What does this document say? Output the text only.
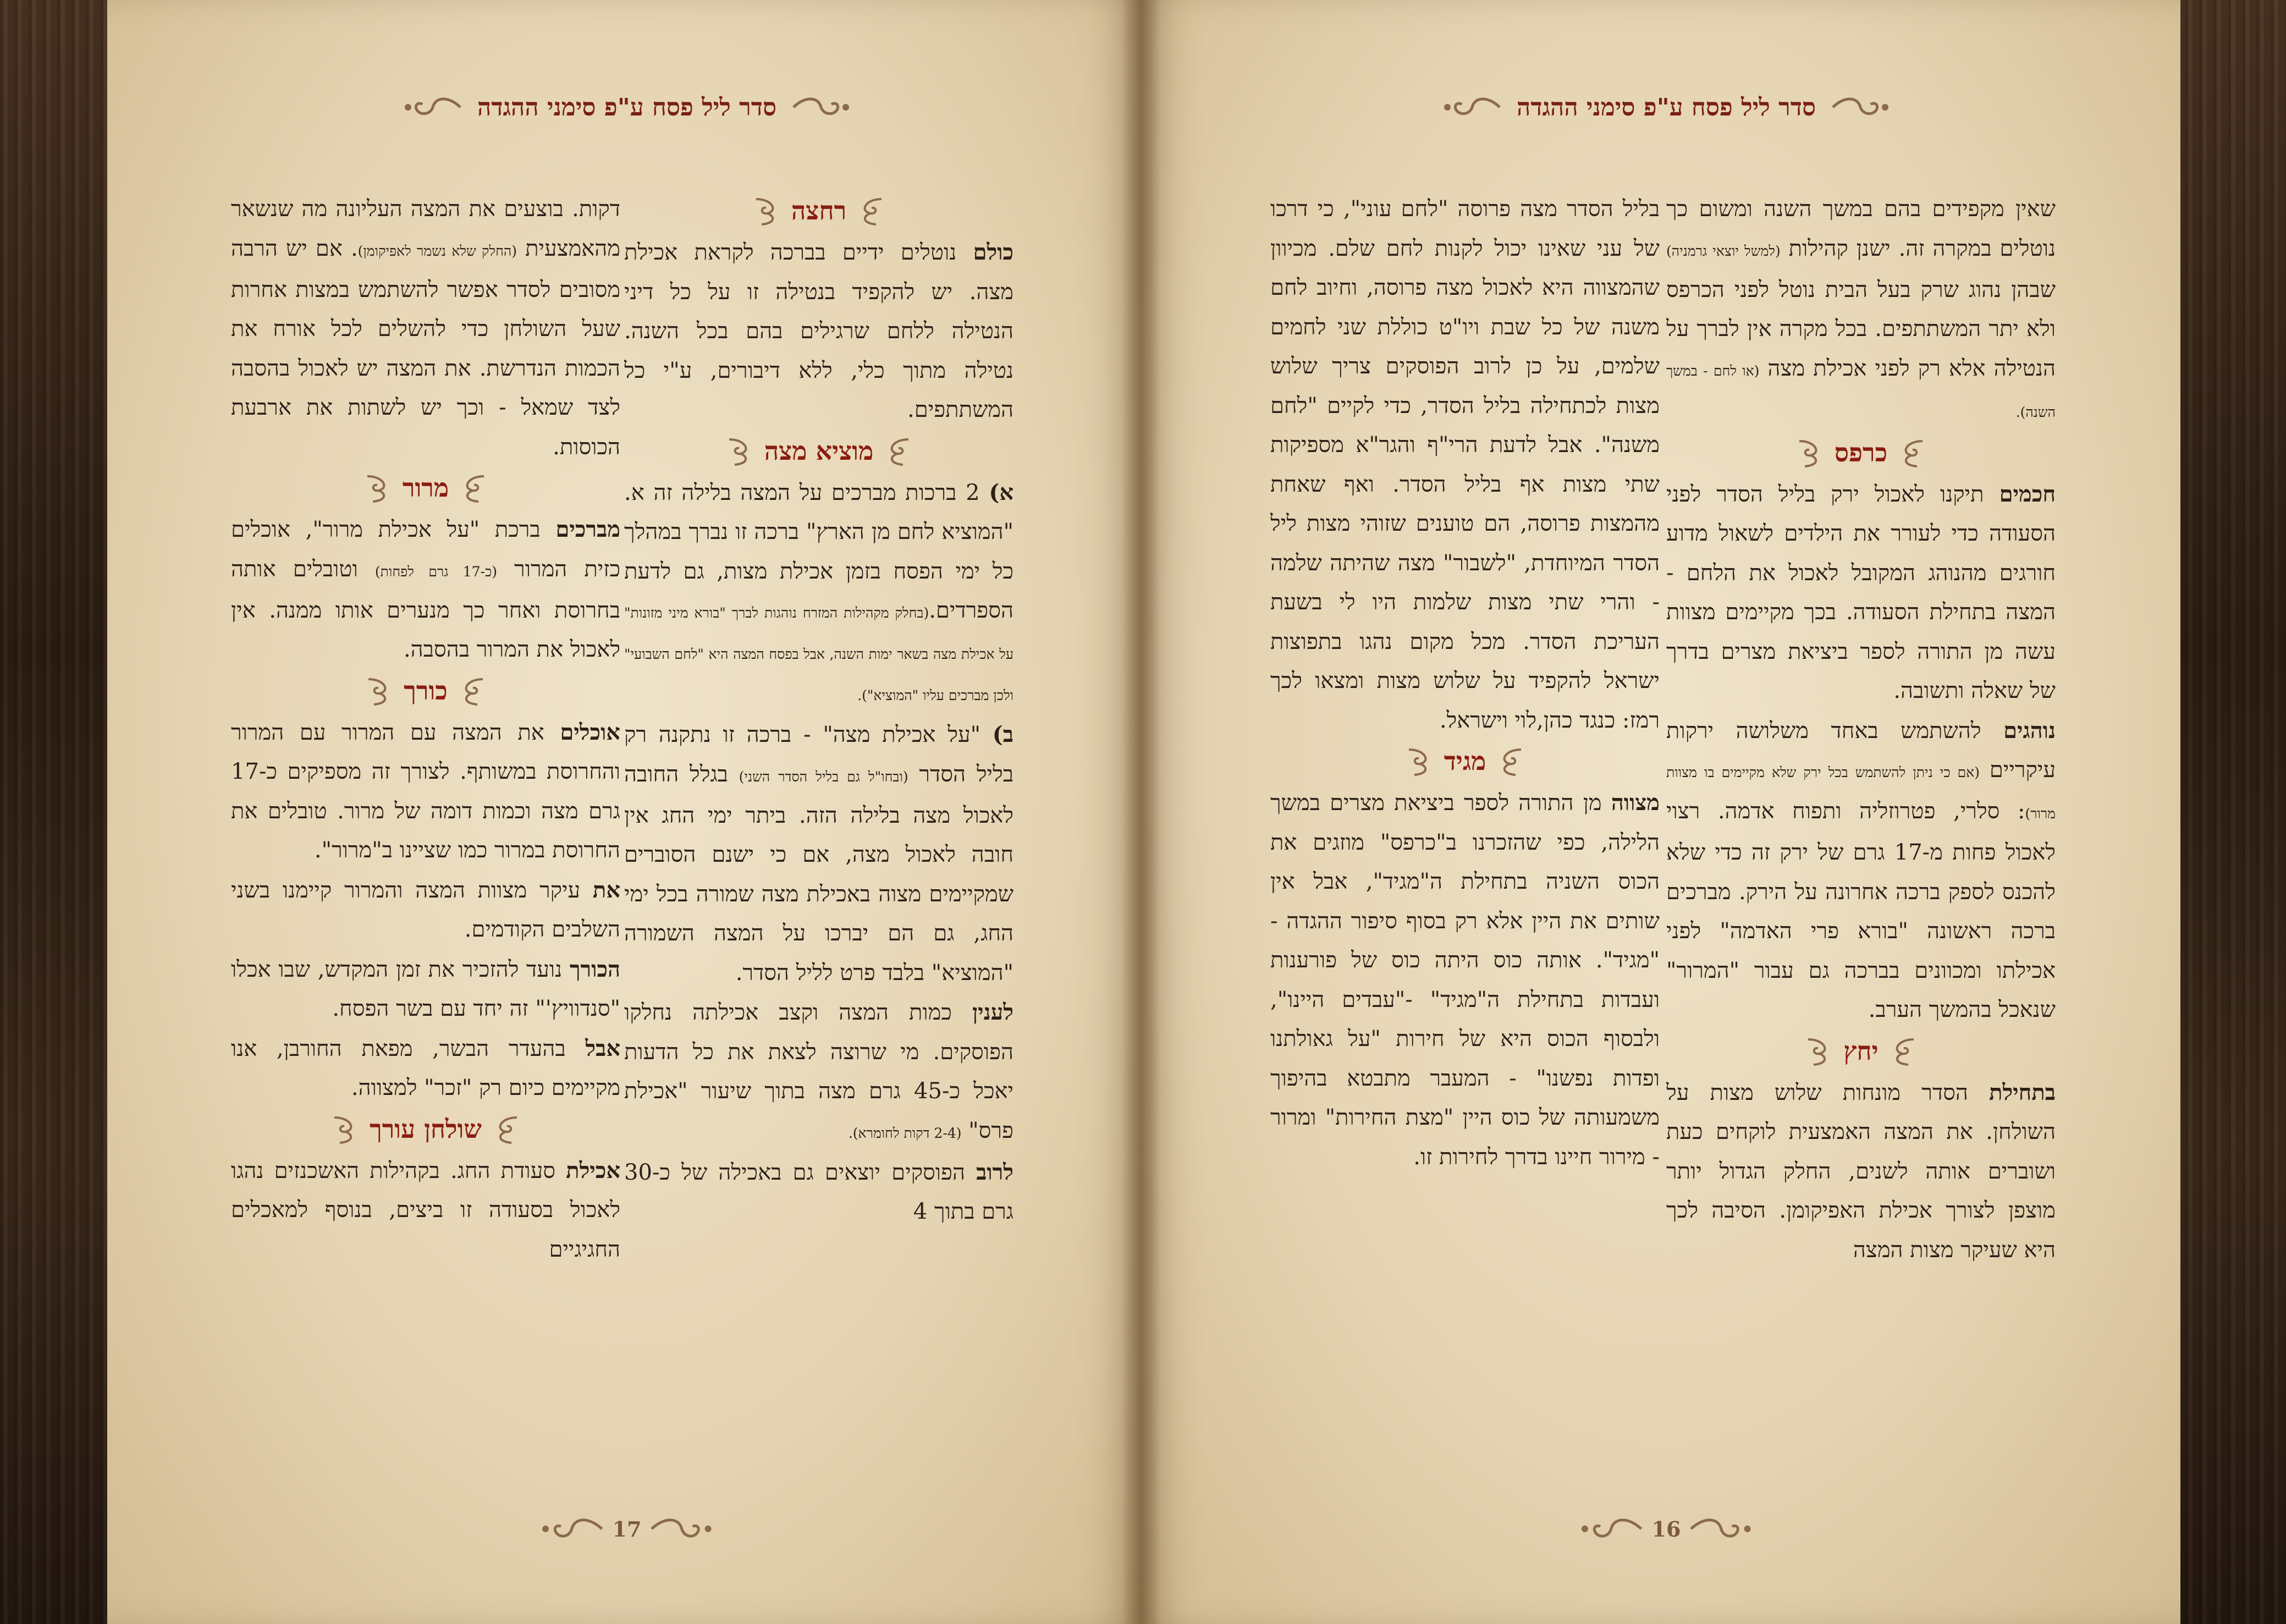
סדר ליל פסח ע"פ סימני ההגדה	סדר ליל פסח ע"פ סימני ההגדה
רחצה

כולם נוטלים ידיים בברכה לקראת אכילת מצה. יש להקפיד בנטילה זו על כל דיני הנטילה ללחם שרגילים בהם בכל השנה. נטילה מתוך כלי, ללא דיבורים, ע"י כל המשתתפים.

מוציא מצה

א) 2 ברכות מברכים על המצה בלילה זה א. "המוציא לחם מן הארץ" ברכה זו נברך במהלך כל ימי הפסח בזמן אכילת מצות, גם לדעת הספרדים.(בחלק מקהילות המזרח נוהגות לברך "בורא מיני מזונות" על אכילת מצה בשאר ימות השנה, אבל בפסח המצה היא "לחם השבועי" ולכן מברכים עליו "המוציא").

ב) "על אכילת מצה" - ברכה זו נתקנה רק בליל הסדר (ובחו"ל גם בליל הסדר השני) בגלל החובה לאכול מצה בלילה הזה. ביתר ימי החג אין חובה לאכול מצה, אם כי ישנם הסוברים שמקיימים מצוה באכילת מצה שמורה בכל ימי החג, גם הם יברכו על המצה השמורה "המוציא" בלבד פרט לליל הסדר.

לענין כמות המצה וקצב אכילתה נחלקו הפוסקים. מי שרוצה לצאת את כל הדעות יאכל כ-45 גרם מצה בתוך שיעור "אכילת פרס" (2-4 דקות לחומרא).

לרוב הפוסקים יוצאים גם באכילה של כ-30 גרם בתוך 4

דקות. בוצעים את המצה העליונה מה שנשאר מהאמצעית (החלק שלא נשמר לאפיקומן). אם יש הרבה מסובים לסדר אפשר להשתמש במצות אחרות שעל השולחן כדי להשלים לכל אורח את הכמות הנדרשת. את המצה יש לאכול בהסבה לצד שמאל - וכך יש לשתות את ארבעת הכוסות.

מרור

מברכים ברכת "על אכילת מרור", אוכלים כזית המרור (כ-17 גרם לפחות) וטובלים אותה בחרוסת ואחר כך מנערים אותו ממנה. אין לאכול את המרור בהסבה.

כורך

אוכלים את המצה עם המרור עם המרור והחרוסת במשותף. לצורך זה מספיקים כ-17 גרם מצה וכמות דומה של מרור. טובלים את החרוסת במרור כמו שציינו ב"מרור".

את עיקר מצוות המצה והמרור קיימנו בשני השלבים הקודמים.

הכורך נועד להזכיר את זמן המקדש, שבו אכלו "סנדוויץ'" זה יחד עם בשר הפסח.

אבל בהעדר הבשר, מפאת החורבן, אנו מקיימים כיום רק "זכר" למצווה.

שולחן עורך

אכילת סעודת החג. בקהילות האשכנזים נהגו לאכול בסעודה זו ביצים, בנוסף למאכלים החגיגיים

שאין מקפידים בהם במשך השנה ומשום כך נוטלים במקרה זה. ישנן קהילות (למשל יוצאי גרמניה) שבהן נהוג שרק בעל הבית נוטל לפני הכרפס ולא יתר המשתתפים. בכל מקרה אין לברך על הנטילה אלא רק לפני אכילת מצה (או לחם - במשך השנה).

כרפס

חכמים תיקנו לאכול ירק בליל הסדר לפני הסעודה כדי לעורר את הילדים לשאול מדוע חורגים מהנוהג המקובל לאכול את הלחם - המצה בתחילת הסעודה. בכך מקיימים מצוות עשה מן התורה לספר ביציאת מצרים בדרך של שאלה ותשובה.

נוהגים להשתמש באחד משלושה ירקות עיקריים (אם כי ניתן להשתמש בכל ירק שלא מקיימים בו מצוות מרור): סלרי, פטרוזליה ותפוח אדמה. רצוי לאכול פחות מ-17 גרם של ירק זה כדי שלא להכנס לספק ברכה אחרונה על הירק. מברכים ברכה ראשונה "בורא פרי האדמה" לפני אכילתו ומכוונים בברכה גם עבור "המרור" שנאכל בהמשך הערב.

יחץ

בתחילת הסדר מונחות שלוש מצות על השולחן. את המצה האמצעית לוקחים כעת ושוברים אותה לשנים, החלק הגדול יותר מוצפן לצורך אכילת האפיקומן. הסיבה לכך היא שעיקר מצות המצה

בליל הסדר מצה פרוסה "לחם עוני", כי דרכו של עני שאינו יכול לקנות לחם שלם. מכיוון שהמצווה היא לאכול מצה פרוסה, וחיוב לחם משנה של כל שבת ויו"ט כוללת שני לחמים שלמים, על כן לרוב הפוסקים צריך שלוש מצות לכתחילה בליל הסדר, כדי לקיים "לחם משנה". אבל לדעת הרי"ף והגר"א מספיקות שתי מצות אף בליל הסדר. ואף שאחת מהמצות פרוסה, הם טוענים שזוהי מצות ליל הסדר המיוחדת, "לשבור" מצה שהיתה שלמה - והרי שתי מצות שלמות היו לי בשעת העריכת הסדר. מכל מקום נהגו בתפוצות ישראל להקפיד על שלוש מצות ומצאו לכך רמז: כנגד כהן,לוי וישראל.

מגיד

מצווה מן התורה לספר ביציאת מצרים במשך הלילה, כפי שהזכרנו ב"כרפס" מוזגים את הכוס השניה בתחילת ה"מגיד", אבל אין שותים את היין אלא רק בסוף סיפור ההגדה - "מגיד". אותה כוס היתה כוס של פורענות ועבדות בתחילת ה"מגיד" -"עבדים היינו", ולבסוף הכוס היא של חירות "על גאולתנו ופדות נפשנו" - המעבר מתבטא בהיפוך משמעותה של כוס היין "מצת החירות" ומרור - מירור חיינו בדרך לחירות זו.

17	16
